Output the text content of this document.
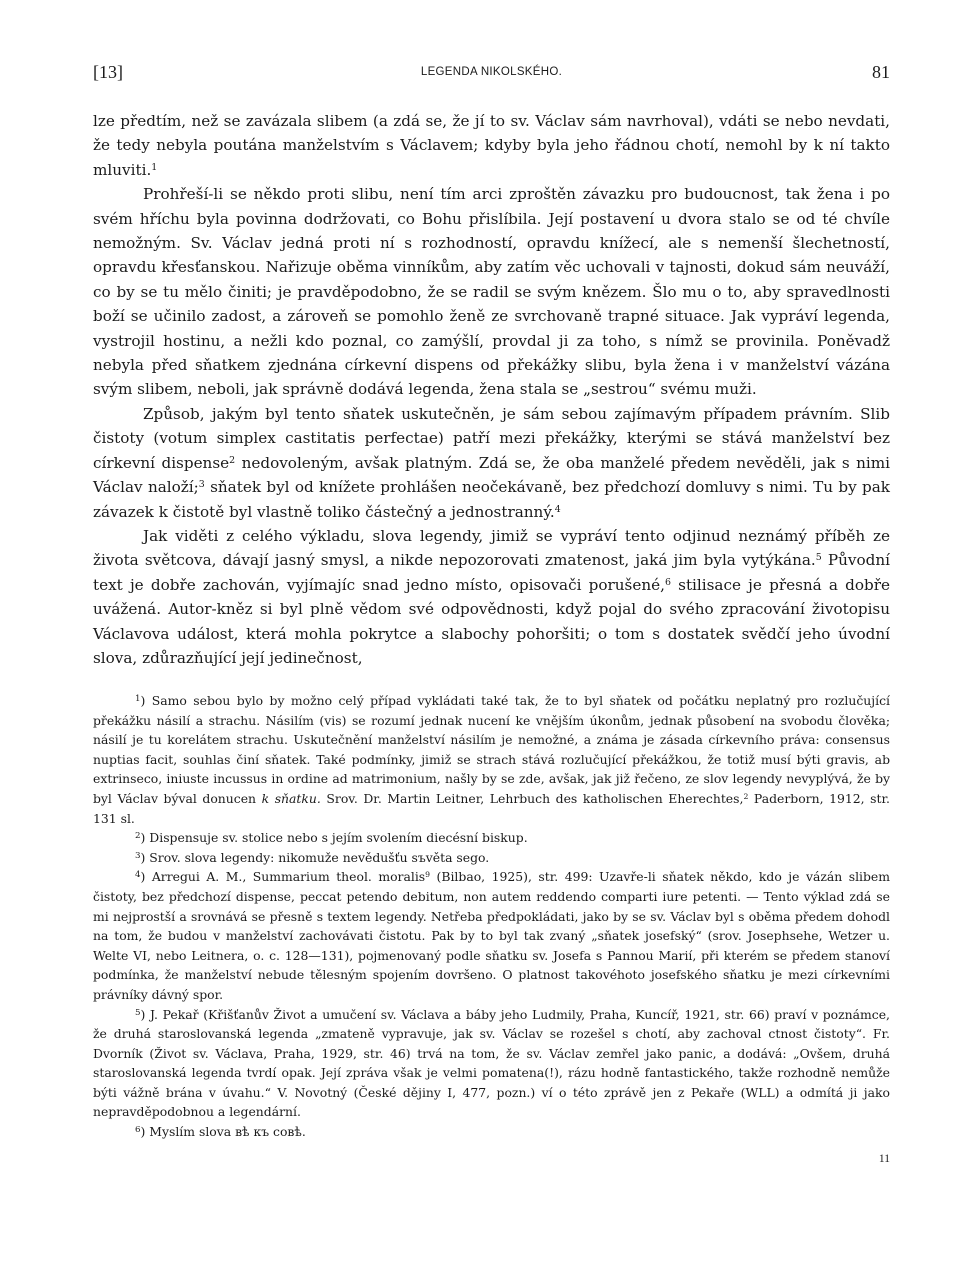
[13]	LEGENDA NIKOLSKÉHO.	81

lze předtím, než se zavázala slibem (a zdá se, že jí to sv. Václav sám navrhoval), vdáti se nebo nevdati, že tedy nebyla poutána manželstvím s Václavem; kdyby byla jeho řádnou chotí, nemohl by k ní takto mluviti.$^1$

Prohřeší-li se někdo proti slibu, není tím arci zproštěn závazku pro budoucnost, tak žena i po svém hříchu byla povinna dodržovati, co Bohu přislíbila. Její postavení u dvora stalo se od té chvíle nemožným. Sv. Václav jedná proti ní s rozhodností, opravdu knížecí, ale s nemenší šlechetností, opravdu křesťanskou. Nařizuje oběma vinníkům, aby zatím věc uchovali v tajnosti, dokud sám neuváží, co by se tu mělo činiti; je pravděpodobno, že se radil se svým knězem. Šlo mu o to, aby spravedlnosti boží se učinilo zadost, a zároveň se pomohlo ženě ze svrchovaně trapné situace. Jak vypráví legenda, vystrojil hostinu, a nežli kdo poznal, co zamýšlí, provdal ji za toho, s nímž se provinila. Poněvadž nebyla před sňatkem zjednána církevní dispens od překážky slibu, byla žena i v manželství vázána svým slibem, neboli, jak správně dodává legenda, žena stala se „sestrou“ svému muži.

Způsob, jakým byl tento sňatek uskutečněn, je sám sebou zajímavým případem právním. Slib čistoty (votum simplex castitatis perfectae) patří mezi překážky, kterými se stává manželství bez církevní dispense$^2$ nedovoleným, avšak platným. Zdá se, že oba manželé předem nevěděli, jak s nimi Václav naloží;$^3$ sňatek byl od knížete prohlášen neočekávaně, bez předchozí domluvy s nimi. Tu by pak závazek k čistotě byl vlastně toliko částečný a jednostranný.$^4$

Jak viděti z celého výkladu, slova legendy, jimiž se vypráví tento odjinud neznámý příběh ze života světcova, dávají jasný smysl, a nikde nepozorovati zmatenost, jaká jim byla vytýkána.$^5$ Původní text je dobře zachován, vyjímajíc snad jedno místo, opisovači porušené,$^6$ stilisace je přesná a dobře uvážená. Autor-kněz si byl plně vědom své odpovědnosti, když pojal do svého zpracování životopisu Václavova událost, která mohla pokrytce a slabochy pohoršiti; o tom s dostatek svědčí jeho úvodní slova, zdůrazňující její jedinečnost,

$^1$) Samo sebou bylo by možno celý případ vykládati také tak, že to byl sňatek od počátku neplatný pro rozlučující překážku násilí a strachu. Násilím (vis) se rozumí jednak nucení ke vnějším úkonům, jednak působení na svobodu člověka; násilí je tu korelátem strachu. Uskutečnění manželství násilím je nemožné, a známa je zásada církevního práva: consensus nuptias facit, souhlas činí sňatek. Také podmínky, jimiž se strach stává rozlučující překážkou, že totiž musí býti gravis, ab extrinseco, iniuste incussus in ordine ad matrimonium, našly by se zde, avšak, jak již řečeno, ze slov legendy nevyplývá, že by byl Václav býval donucen k sňatku. Srov. Dr. Martin Leitner, Lehrbuch des katholischen Eherechtes,$^2$ Paderborn, 1912, str. 131 sl.

$^2$) Dispensuje sv. stolice nebo s jejím svolením diecésní biskup.

$^3$) Srov. slova legendy: nikomuže nevědušťu sъvěta sego.

$^4$) Arregui A. M., Summarium theol. moralis$^9$ (Bilbao, 1925), str. 499: Uzavře-li sňatek někdo, kdo je vázán slibem čistoty, bez předchozí dispense, peccat petendo debitum, non autem reddendo comparti iure petenti. — Tento výklad zdá se mi nejprostší a srovnává se přesně s textem legendy. Netřeba předpokládati, jako by se sv. Václav byl s oběma předem dohodl na tom, že budou v manželství zachovávati čistotu. Pak by to byl tak zvaný „sňatek josefský“ (srov. Josephsehe, Wetzer u. Welte VI, nebo Leitnera, o. c. 128—131), pojmenovaný podle sňatku sv. Josefa s Pannou Marií, při kterém se předem stanoví podmínka, že manželství nebude tělesným spojením dovršeno. O platnost takovéhoto josefského sňatku je mezi církevními právníky dávný spor.

$^5$) J. Pekař (Křišťanův Život a umučení sv. Václava a báby jeho Ludmily, Praha, Kuncíř, 1921, str. 66) praví v poznámce, že druhá staroslovanská legenda „zmateně vypravuje, jak sv. Václav se rozešel s chotí, aby zachoval ctnost čistoty“. Fr. Dvorník (Život sv. Václava, Praha, 1929, str. 46) trvá na tom, že sv. Václav zemřel jako panic, a dodává: „Ovšem, druhá staroslovanská legenda tvrdí opak. Její zpráva však je velmi pomatena(!), rázu hodně fantastického, takže rozhodně nemůže býti vážně brána v úvahu.“ V. Novotný (České dějiny I, 477, pozn.) ví o této zprávě jen z Pekaře (WLL) a odmítá ji jako nepravděpodobnou a legendární.

$^6$) Myslím slova вѣ къ совѣ.

11
